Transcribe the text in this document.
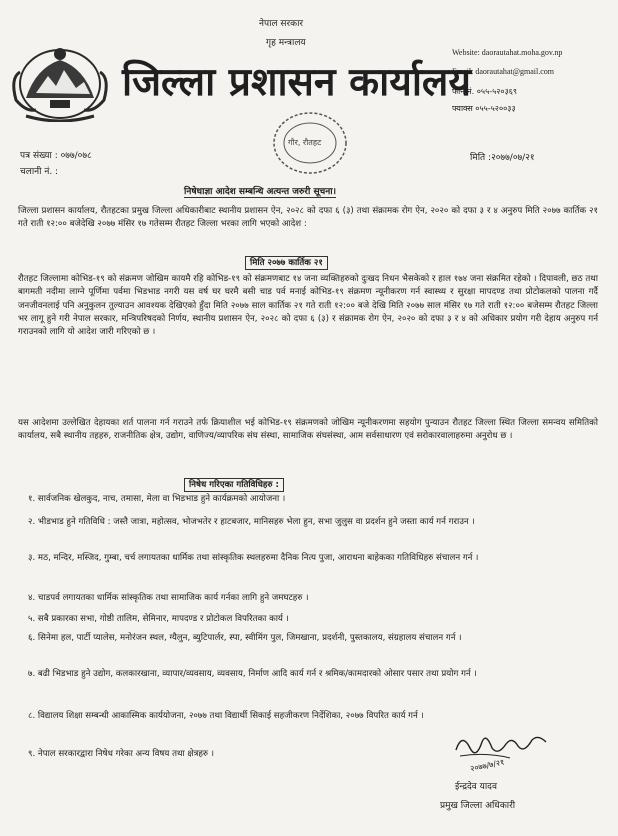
नेपाल सरकार
गृह मन्त्रालय
जिल्ला प्रशासन कार्यालय
Website: daorautahat.moha.gov.np
Email: daorautahat@gmail.com
फोन नं. ०५५-५२०३६९
फ्याक्स ०५५-५२००३३
गौर, रौतहट
पत्र संख्या : ०७७/०७८
चलानी नं. :
मिति :२०७७/०७/२१
निषेधाज्ञा आदेश सम्बन्धि अत्यन्त जरुरी सूचना।
जिल्ला प्रशासन कार्यालय, रौतहटका प्रमुख जिल्ला अधिकारीबाट स्थानीय प्रशासन ऐन, २०२८ को दफा ६ (३) तथा संक्रामक रोग ऐन, २०२० को दफा ३ र ४ अनुरुप मिति २०७७ कार्तिक २१ गते राती १२:०० बजेदेखि २०७७ मंसिर १७ गतेसम्म रौतहट जिल्ला भरका लागि भएको आदेश :
मिति २०७७ कार्तिक २१
रौतहट जिल्लामा कोभिड-१९ को संक्रमण जोखिम कायमै रहि कोभिड-१९ को संक्रमणबाट १४ जना व्यक्तिहरुको दुःखद निधन भैसकेको र हाल १७४ जना संक्रमित रहेको । दिपावली, छठ तथा बागमती नदीमा लाग्ने पूर्णिमा पर्वमा भिडभाड नगरी यस वर्ष घर घरमै बसी चाड पर्व मनाई कोभिड-१९ संक्रमण न्यूनीकरण गर्न स्वास्थ्य र सुरक्षा मापदण्ड तथा प्रोटोकलको पालना गर्दै जनजीवनलाई पनि अनुकुलन तुल्याउन आवश्यक देखिएको हुँदा मिति २०७७ साल कार्तिक २१ गते राती १२:०० बजे देखि मिति २०७७ साल मंसिर १७ गते राती १२:०० बजेसम्म रौतहट जिल्ला भर लागू हुने गरी नेपाल सरकार, मन्त्रिपरिषदको निर्णय, स्थानीय प्रशासन ऐन, २०२८ को दफा ६ (३) र संक्रामक रोग ऐन, २०२० को दफा ३ र ४ को अधिकार प्रयोग गरी देहाय अनुरुप गर्न गराउनको लागि यो आदेश जारी गरिएको छ ।
यस आदेशमा उल्लेखित देहायका शर्त पालना गर्न गराउने तर्फ क्रियाशील भई कोभिड-१९ संक्रमणको जोखिम न्यूनीकरणमा सहयोग पुन्याउन रौतहट जिल्ला स्थित जिल्ला समन्वय समितिको कार्यालय, सबै स्थानीय तहहरु, राजनीतिक क्षेत्र, उद्योग, वाणिज्य/व्यापरिक संघ संस्था, सामाजिक संघसंस्था, आम सर्वसाधारण एवं सरोकारवालाहरुमा अनुरोध छ ।
निषेध गरिएका गतिविधिहरु :
१. सार्वजनिक खेलकुद, नाच, तमासा, मेला वा भिडभाड हुने कार्यक्रमको आयोजना ।
२. भीडभाड हुने गतिविधि : जस्तै जात्रा, महोत्सव, भोजभतेर र हाटबजार, मानिसहरु भेला हुन, सभा जुलुस वा प्रदर्शन हुने जस्ता कार्य गर्न गराउन ।
३. मठ, मन्दिर, मस्जिद, गुम्बा, चर्च लगायतका धार्मिक तथा सांस्कृतिक स्थलहरुमा दैनिक नित्य पुजा, आराधना बाहेकका गतिविधिहरु संचालन गर्न ।
४. चाडपर्व लगायतका धार्मिक सांस्कृतिक तथा सामाजिक कार्य गर्नका लागि हुने जमघटहरु ।
५. सबै प्रकारका सभा, गोष्ठी तालिम, सेमिनार, मापदण्ड र प्रोटोकल विपरितका कार्य ।
६. सिनेमा हल, पार्टी प्यालेस, मनोरंजन स्थल, ग्यैलुन, ब्युटिपार्लर, स्पा, स्वीमिंग पुल, जिमखाना, प्रदर्शनी, पुस्तकालय, संग्रहालय संचालन गर्न ।
७. बढी भिडभाड हुने उद्योग, कलकारखाना, व्यापार/व्यवसाय, व्यवसाय, निर्माण आदि कार्य गर्न र श्रमिक/कामदारको ओसार पसार तथा प्रयोग गर्न ।
८. विद्यालय शिक्षा सम्बन्धी आकास्मिक कार्ययोजना, २०७७ तथा विद्यार्थी सिकाई सहजीकरण निर्देशिका, २०७७ विपरित कार्य गर्न ।
९. नेपाल सरकारद्वारा निषेध गरेका अन्य विषय तथा क्षेत्रहरु ।
२०७७/७/२१
ईन्द्रदेव यादव
प्रमुख जिल्ला अधिकारी
